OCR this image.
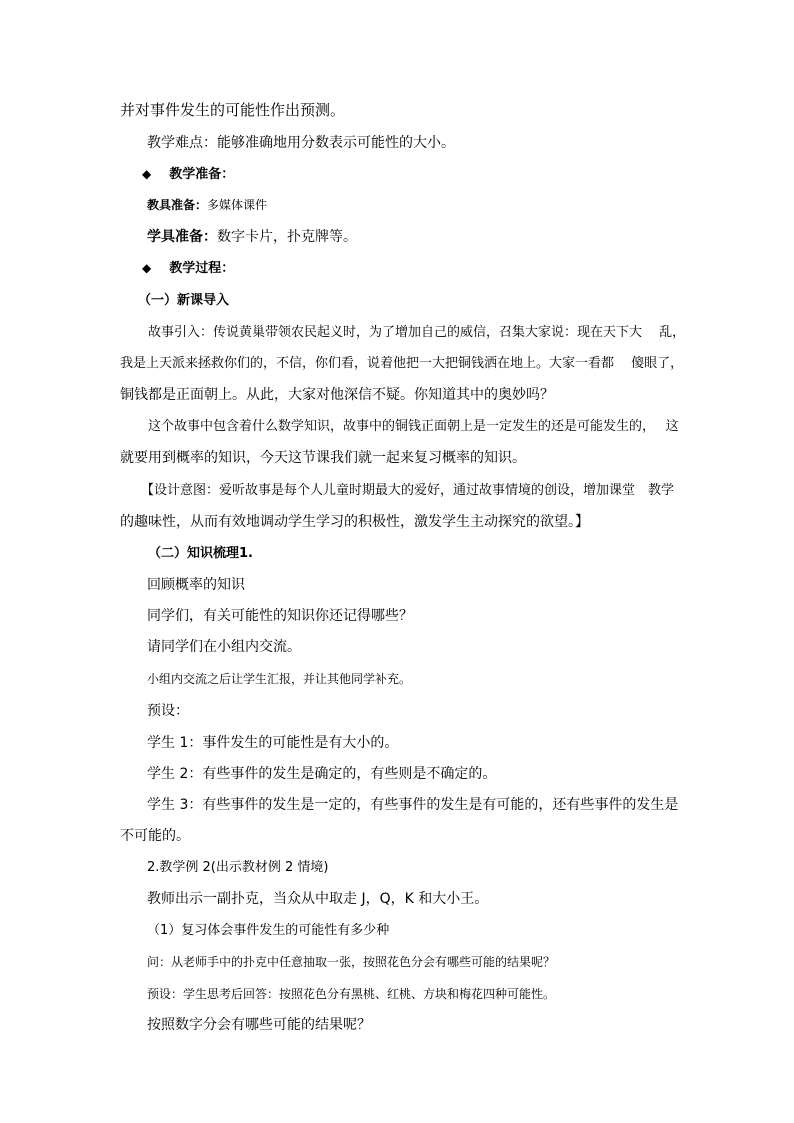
并对事件发生的可能性作出预测。
教学难点：能够准确地用分数表示可能性的大小。
◆ 教学准备：
教具准备：多媒体课件
学具准备：数字卡片，扑克牌等。
◆ 教学过程：
（一）新课导入
故事引入：传说黄巢带领农民起义时，为了增加自己的威信，召集大家说：现在天下大　 乱，
我是上天派来拯救你们的，不信，你们看，说着他把一大把铜钱洒在地上。大家一看都　 傻眼了，
铜钱都是正面朝上。从此，大家对他深信不疑。你知道其中的奥妙吗？
这个故事中包含着什么数学知识，故事中的铜钱正面朝上是一定发生的还是可能发生的，　 这
就要用到概率的知识，今天这节课我们就一起来复习概率的知识。
【设计意图：爱听故事是每个人儿童时期最大的爱好，通过故事情境的创设，增加课堂　教学
的趣味性，从而有效地调动学生学习的积极性，激发学生主动探究的欲望。】
（二）知识梳理1.
回顾概率的知识
同学们，有关可能性的知识你还记得哪些？
请同学们在小组内交流。
小组内交流之后让学生汇报，并让其他同学补充。
预设：
学生 1：事件发生的可能性是有大小的。
学生 2：有些事件的发生是确定的，有些则是不确定的。
学生 3：有些事件的发生是一定的，有些事件的发生是有可能的，还有些事件的发生是
不可能的。
2.教学例 2(出示教材例 2 情境)
教师出示一副扑克，当众从中取走 J，Q，K 和大小王。
（1）复习体会事件发生的可能性有多少种
问：从老师手中的扑克中任意抽取一张，按照花色分会有哪些可能的结果呢？
预设：学生思考后回答：按照花色分有黑桃、红桃、方块和梅花四种可能性。
按照数字分会有哪些可能的结果呢？
